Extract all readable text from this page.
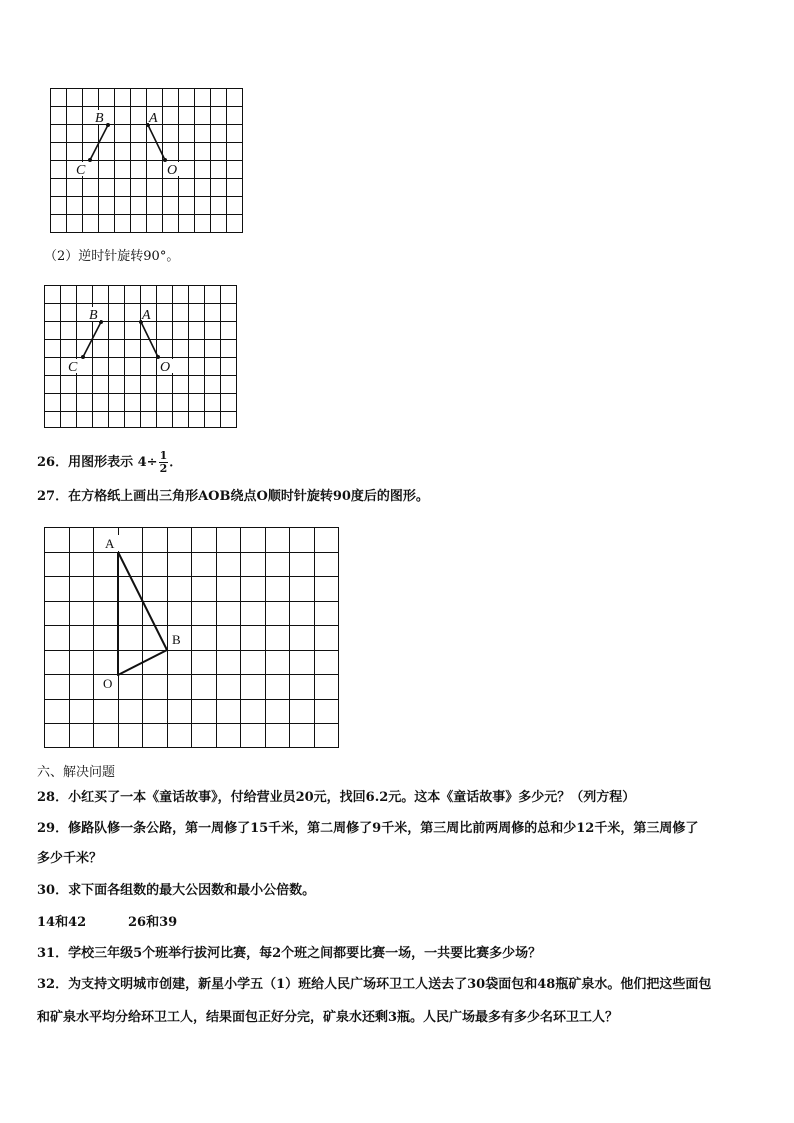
B	A
C	O
（2）逆时针旋转90°。
B	A
C	O
26．用图形表示 $4\div \frac{1}{2}$ ．
27．在方格纸上画出三角形AOB绕点O顺时针旋转90度后的图形。
A
B
O
六、解决问题
28．小红买了一本《童话故事》，付给营业员20元，找回6.2元。这本《童话故事》多少元？（列方程）
29．修路队修一条公路，第一周修了15千米，第二周修了9千米，第三周比前两周修的总和少12千米，第三周修了
多少千米？
30．求下面各组数的最大公因数和最小公倍数。
14和42	26和39
31．学校三年级5个班举行拔河比赛，每2个班之间都要比赛一场，一共要比赛多少场？
32．为支持文明城市创建，新星小学五（1）班给人民广场环卫工人送去了30袋面包和48瓶矿泉水。他们把这些面包
和矿泉水平均分给环卫工人，结果面包正好分完，矿泉水还剩3瓶。人民广场最多有多少名环卫工人？
